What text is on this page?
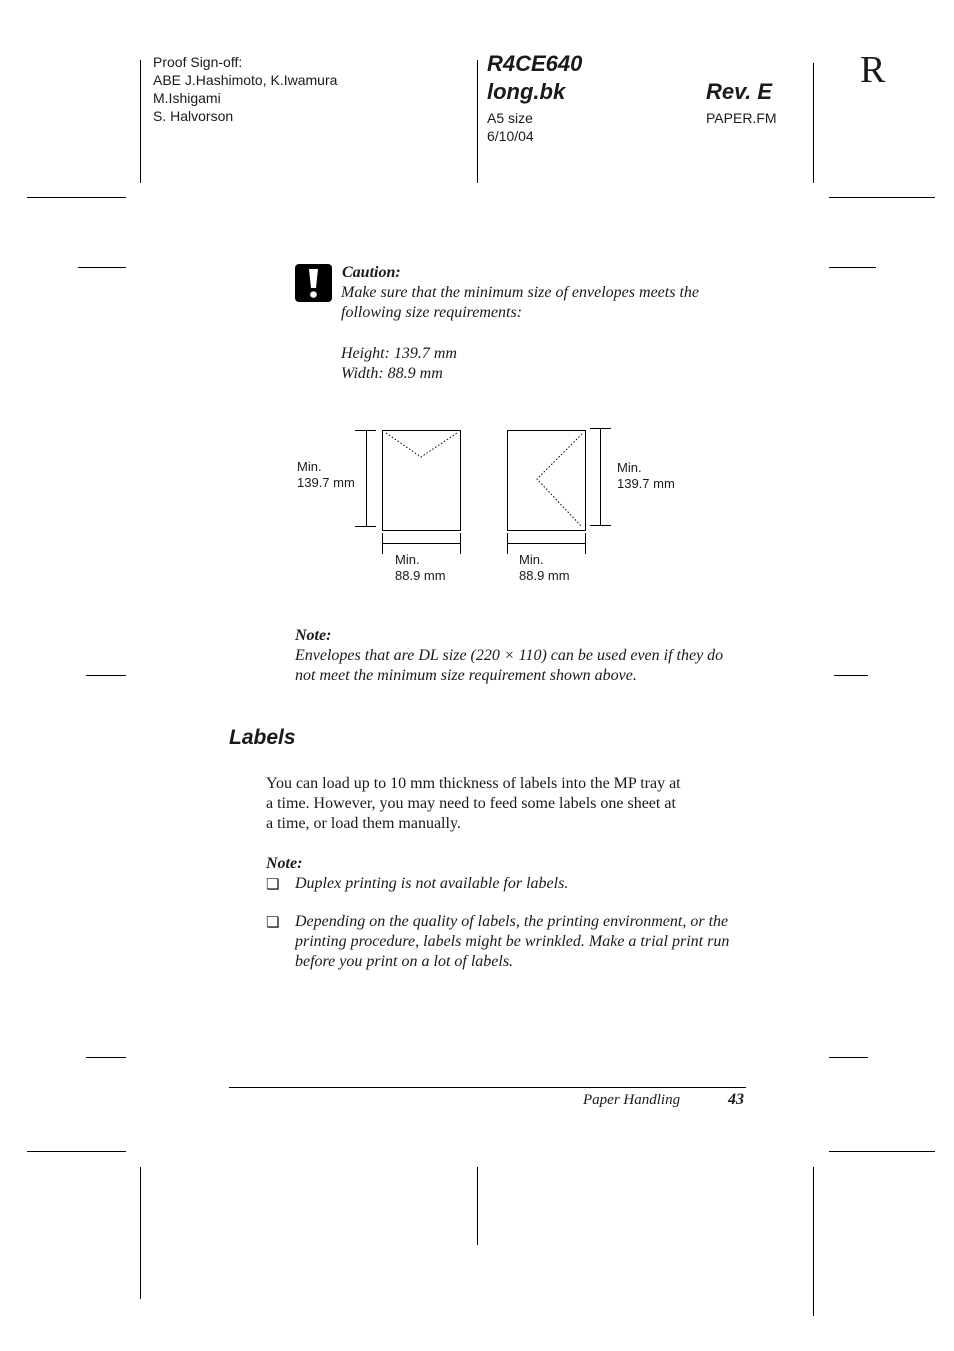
Proof Sign-off:
ABE J.Hashimoto, K.Iwamura
M.Ishigami
S. Halvorson
R4CE640
long.bk	Rev. E
A5 size
6/10/04
PAPER.FM
R
Caution:
Make sure that the minimum size of envelopes meets the
following size requirements:
Height: 139.7 mm
Width: 88.9 mm
Min.
139.7 mm
Min.
139.7 mm
Min.
88.9 mm
Min.
88.9 mm
Note:
Envelopes that are DL size (220 × 110) can be used even if they do
not meet the minimum size requirement shown above.
Labels
You can load up to 10 mm thickness of labels into the MP tray at
a time. However, you may need to feed some labels one sheet at
a time, or load them manually.
Note:
❏ Duplex printing is not available for labels.
❏ Depending on the quality of labels, the printing environment, or the
printing procedure, labels might be wrinkled. Make a trial print run
before you print on a lot of labels.
Paper Handling	43
